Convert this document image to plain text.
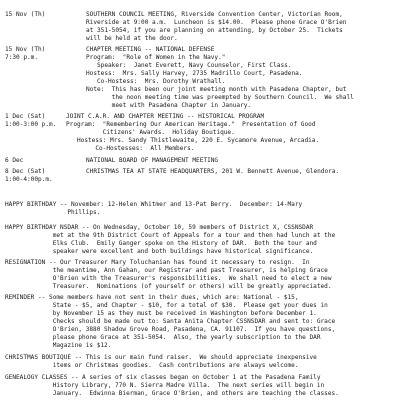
15 Nov (Th)	SOUTHERN COUNCIL MEETING, Riverside Convention Center, Victorian Room,
Riverside at 9:00 a.m.  Luncheon is $14.00.  Please phone Grace O'Brien
at 351-5054, if you are planning on attending, by October 25.  Tickets
will be held at the door.
15 Nov (Th)
7:30 p.m.
CHAPTER MEETING -- NATIONAL DEFENSE
Program:  "Role of Women in the Navy."
Speaker:  Janet Everett, Navy Counselor, First Class.
Hostess:  Mrs. Sally Harvey, 2735 Madrillo Court, Pasadena.
Co-Hostess:  Mrs. Dorothy Wrathall.
Note:  This has been our joint meeting month with Pasadena Chapter, but
the noon meeting time was preempted by Southern Council.  We shall
meet with Pasadena Chapter in January.
1 Dec (Sat)
1:00-3:00 p.m.
JOINT C.A.R. AND CHAPTER MEETING -- HISTORICAL PROGRAM
Program:  "Remembering Our American Heritage."  Presentation of Good
Citizens' Awards.  Holiday Boutique.
Hostess: Mrs. Sandy Thistlewaite, 220 E. Sycamore Avenue, Arcadia.
Co-Hostesses:  All Members.
6 Dec	NATIONAL BOARD OF MANAGEMENT MEETING
8 Dec (Sat)
1:00-4:00p.m.
CHRISTMAS TEA AT STATE HEADQUARTERS, 201 W. Bennett Avenue, Glendora.
HAPPY BIRTHDAY -- November: 12-Helen Whitmer and 13-Pat Berry.  December: 14-Mary
Phillips.
HAPPY BIRTHDAY NSDAR -- On Wednesday, October 10, 59 members of District X, CSSNSDAR
met at the 9th District Court of Appeals for a tour and then had lunch at the
Elks Club.  Emily Ganger spoke on the History of DAR.  Both the tour and
speaker were excellent and both buildings have historical significance.
RESIGNATION -- Our Treasurer Mary Toluchanian has found it necessary to resign.  In
the meantime, Ann Gahan, our Registrar and past Treasurer, is helping Grace
O'Brien with the Treasurer's responsibilities.  We shall need to elect a new
Treasurer.  Nominations (of yourself or others) will be greatly appreciated.
REMINDER -- Some members have not sent in their dues, which are: National - $15,
State - $5, and Chapter - $10, for a total of $30.  Please get your dues in
by November 15 as they must be received in Washington before December 1.
Checks should be made out to: Santa Anita Chapter CSSNSDAR and sent to: Grace
O'Brien, 3880 Shadow Grove Road, Pasadena, CA. 91107.  If you have questions,
please phone Grace at 351-5054.  Also, the yearly subscription to the DAR
Magazine is $12.
CHRISTMAS BOUTIQUE -- This is our main fund raiser.  We should appreciate inexpensive
items or Christmas goodies.  Cash contributions are always welcome.
GENEALOGY CLASSES -- A series of six classes began on October 1 at the Pasadena Family
History Library, 770 N. Sierra Madre Villa.  The next series will begin in
January.  Edwinna Bierman, Grace O'Brien, and others are teaching the classes.
